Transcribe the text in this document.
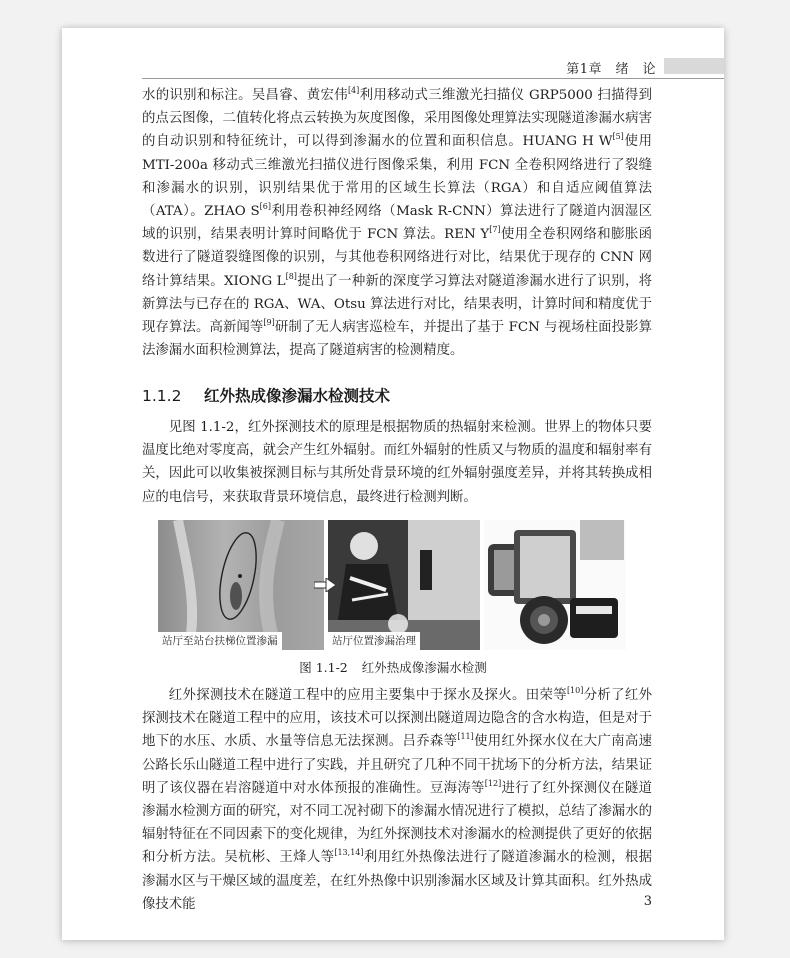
第1章　绪　论

水的识别和标注。吴昌睿、黄宏伟[4]利用移动式三维激光扫描仪 GRP5000 扫描得到的点云图像，二值转化将点云转换为灰度图像，采用图像处理算法实现隧道渗漏水病害的自动识别和特征统计，可以得到渗漏水的位置和面积信息。HUANG H W[5]使用 MTI-200a 移动式三维激光扫描仪进行图像采集，利用 FCN 全卷积网络进行了裂缝和渗漏水的识别，识别结果优于常用的区域生长算法（RGA）和自适应阈值算法（ATA）。ZHAO S[6]利用卷积神经网络（Mask R-CNN）算法进行了隧道内洇湿区域的识别，结果表明计算时间略优于 FCN 算法。REN Y[7]使用全卷积网络和膨胀函数进行了隧道裂缝图像的识别，与其他卷积网络进行对比，结果优于现存的 CNN 网络计算结果。XIONG L[8]提出了一种新的深度学习算法对隧道渗漏水进行了识别，将新算法与已存在的 RGA、WA、Otsu 算法进行对比，结果表明，计算时间和精度优于现存算法。高新闻等[9]研制了无人病害巡检车，并提出了基于 FCN 与视场柱面投影算法渗漏水面积检测算法，提高了隧道病害的检测精度。

1.1.2 红外热成像渗漏水检测技术

见图 1.1-2，红外探测技术的原理是根据物质的热辐射来检测。世界上的物体只要温度比绝对零度高，就会产生红外辐射。而红外辐射的性质又与物质的温度和辐射率有关，因此可以收集被探测目标与其所处背景环境的红外辐射强度差异，并将其转换成相应的电信号，来获取背景环境信息，最终进行检测判断。

站厅至站台扶梯位置渗漏	站厅位置渗漏治理
图 1.1-2 红外热成像渗漏水检测

红外探测技术在隧道工程中的应用主要集中于探水及探火。田荣等[10]分析了红外探测技术在隧道工程中的应用，该技术可以探测出隧道周边隐含的含水构造，但是对于地下的水压、水质、水量等信息无法探测。吕乔森等[11]使用红外探水仪在大广南高速公路长乐山隧道工程中进行了实践，并且研究了几种不同干扰场下的分析方法，结果证明了该仪器在岩溶隧道中对水体预报的准确性。豆海涛等[12]进行了红外探测仪在隧道渗漏水检测方面的研究，对不同工况衬砌下的渗漏水情况进行了模拟，总结了渗漏水的辐射特征在不同因素下的变化规律，为红外探测技术对渗漏水的检测提供了更好的依据和分析方法。吴杭彬、王烽人等[13,14]利用红外热像法进行了隧道渗漏水的检测，根据渗漏水区与干燥区域的温度差，在红外热像中识别渗漏水区域及计算其面积。红外热成像技术能	3
